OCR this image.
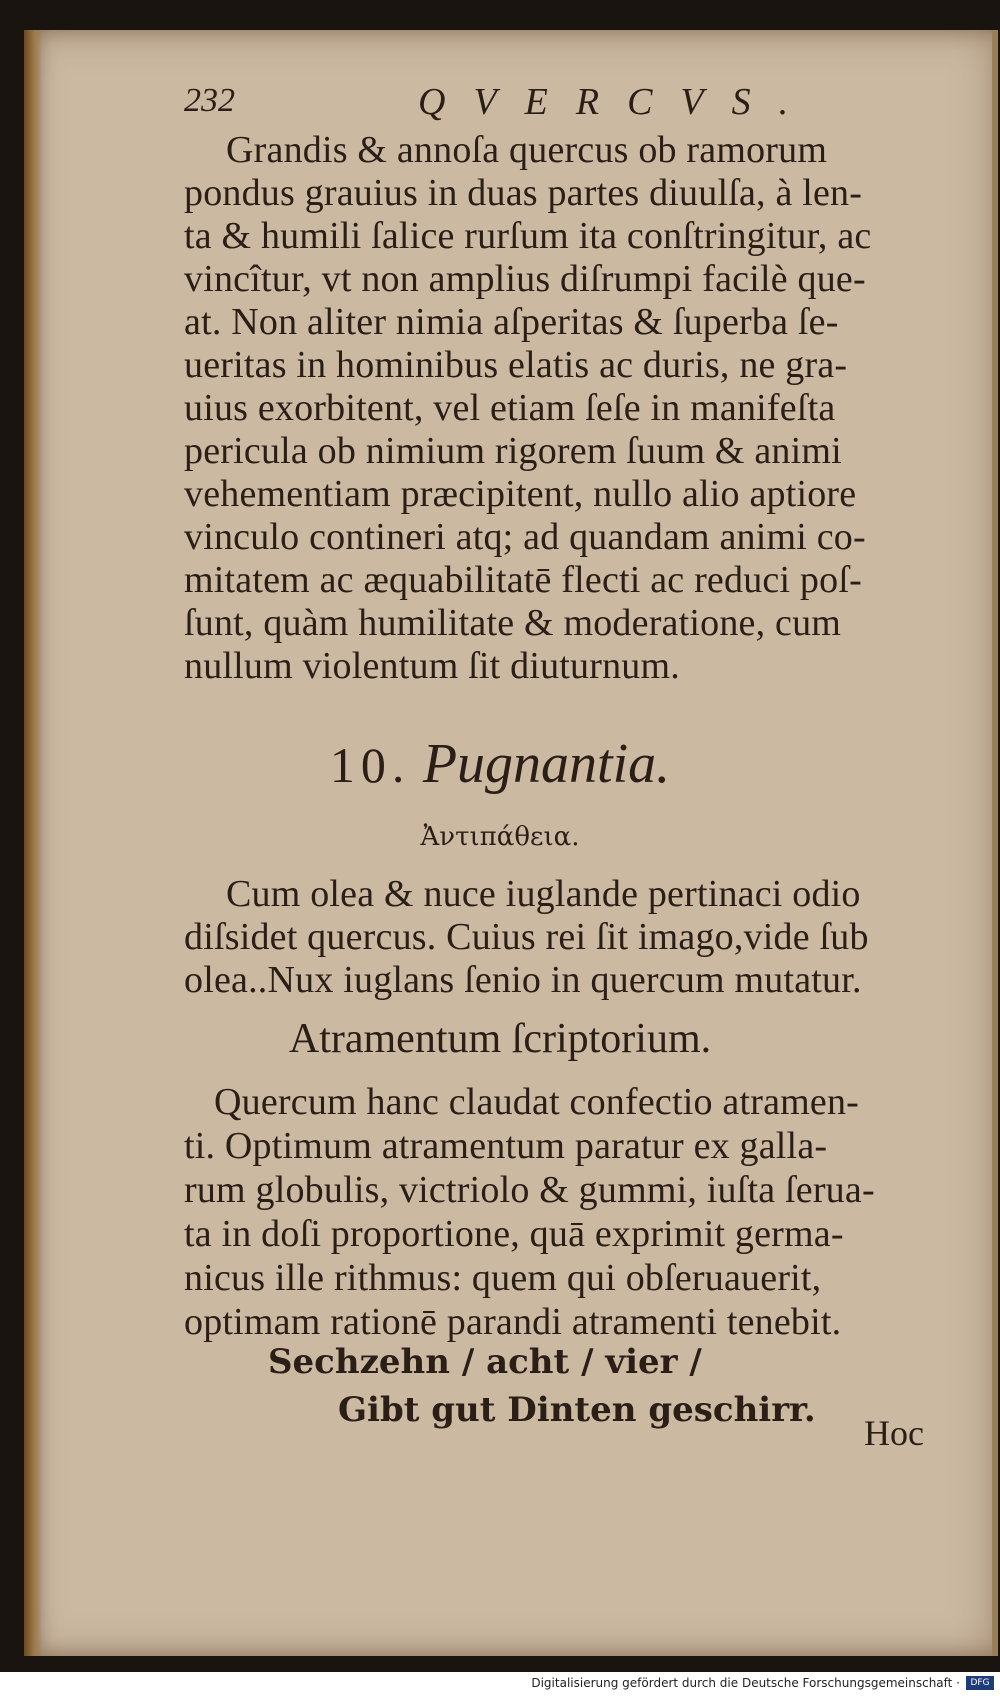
232	QVERCVS.
Grandis & annoſa quercus ob ramorum
pondus grauius in duas partes diuulſa, à len-
ta & humili ſalice rurſum ita conſtringitur, ac
vincîtur, vt non amplius diſrumpi facilè que-
at. Non aliter nimia aſperitas & ſuperba ſe-
ueritas in hominibus elatis ac duris, ne gra-
uius exorbitent, vel etiam ſeſe in manifeſta
pericula ob nimium rigorem ſuum & animi
vehementiam præcipitent, nullo alio aptiore
vinculo contineri atq; ad quandam animi co-
mitatem ac æquabilitatē flecti ac reduci poſ-
ſunt, quàm humilitate & moderatione, cum
nullum violentum ſit diuturnum.
10. Pugnantia.
Ἀντιπάθεια.
Cum olea & nuce iuglande pertinaci odio
diſsidet quercus. Cuius rei ſit imago,vide ſub
olea..Nux iuglans ſenio in quercum mutatur.
Atramentum ſcriptorium.
Quercum hanc claudat confectio atramen-
ti. Optimum atramentum paratur ex galla-
rum globulis, victriolo & gummi, iuſta ſerua-
ta in doſi proportione, quā exprimit germa-
nicus ille rithmus: quem qui obſeruauerit,
optimam rationē parandi atramenti tenebit.
Sechzehn / acht / vier /
Gibt gut Dinten geschirr.
Hoc
Digitalisierung gefördert durch die Deutsche Forschungsgemeinschaft ·	DFG
